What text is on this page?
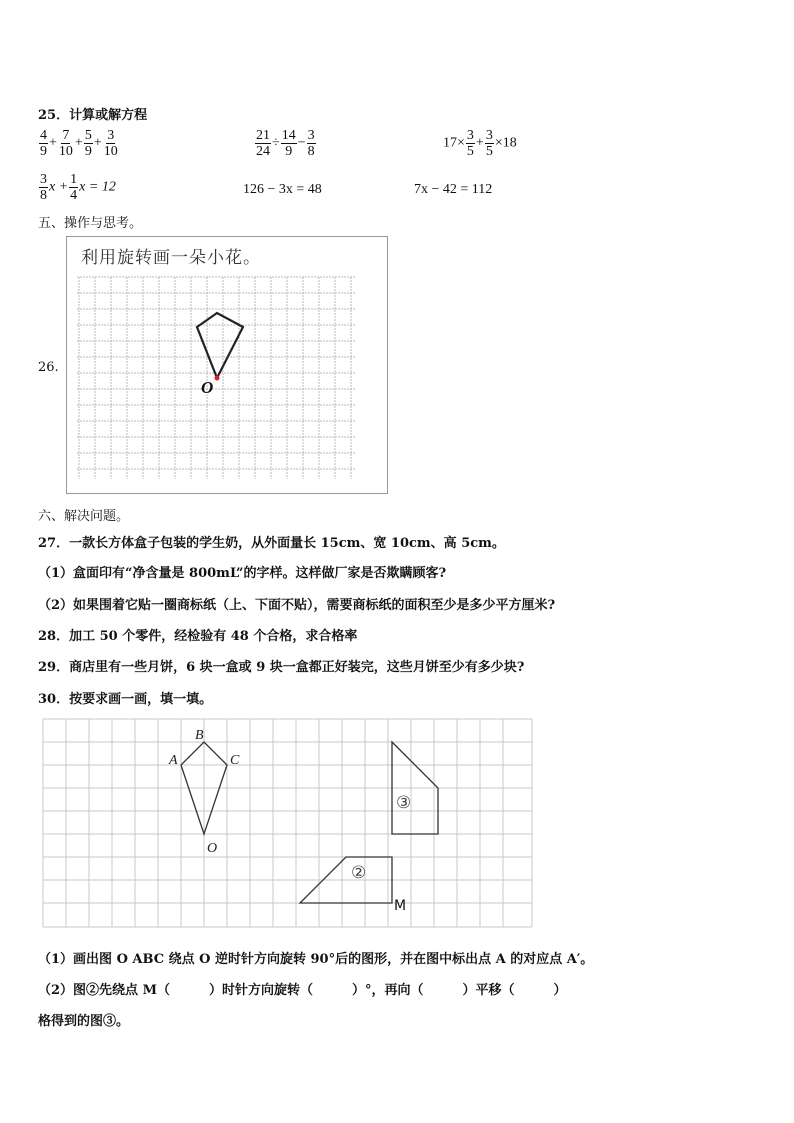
25．计算或解方程
$\frac{4}{9} + \frac{7}{10} + \frac{5}{9} + \frac{3}{10}$	$\frac{21}{24} \div \frac{14}{9} - \frac{3}{8}$	$17\times \frac{3}{5} + \frac{3}{5} \times 18$
$\frac{3}{8}$ $x + \frac{1}{4}$ x = 12	126 − 3x = 48	7x − 42 = 112
五、操作与思考。
26.
利用旋转画一朵小花。
O
六、解决问题。
27．一款长方体盒子包装的学生奶，从外面量长 15cm、宽 10cm、高 5cm。
（1）盒面印有“净含量是 800mL”的字样。这样做厂家是否欺瞒顾客?
（2）如果围着它贴一圈商标纸（上、下面不贴），需要商标纸的面积至少是多少平方厘米?
28．加工 50 个零件，经检验有 48 个合格，求合格率
29．商店里有一些月饼，6 块一盒或 9 块一盒都正好装完，这些月饼至少有多少块?
30．按要求画一画，填一填。
B
A	C
O
③
②
M
（1）画出图 O ABC 绕点 O 逆时针方向旋转 90°后的图形，并在图中标出点 A 的对应点 A′。
（2）图②先绕点 M（　　　）时针方向旋转（　　　）°，再向（　　　）平移（　　　）
格得到的图③。
